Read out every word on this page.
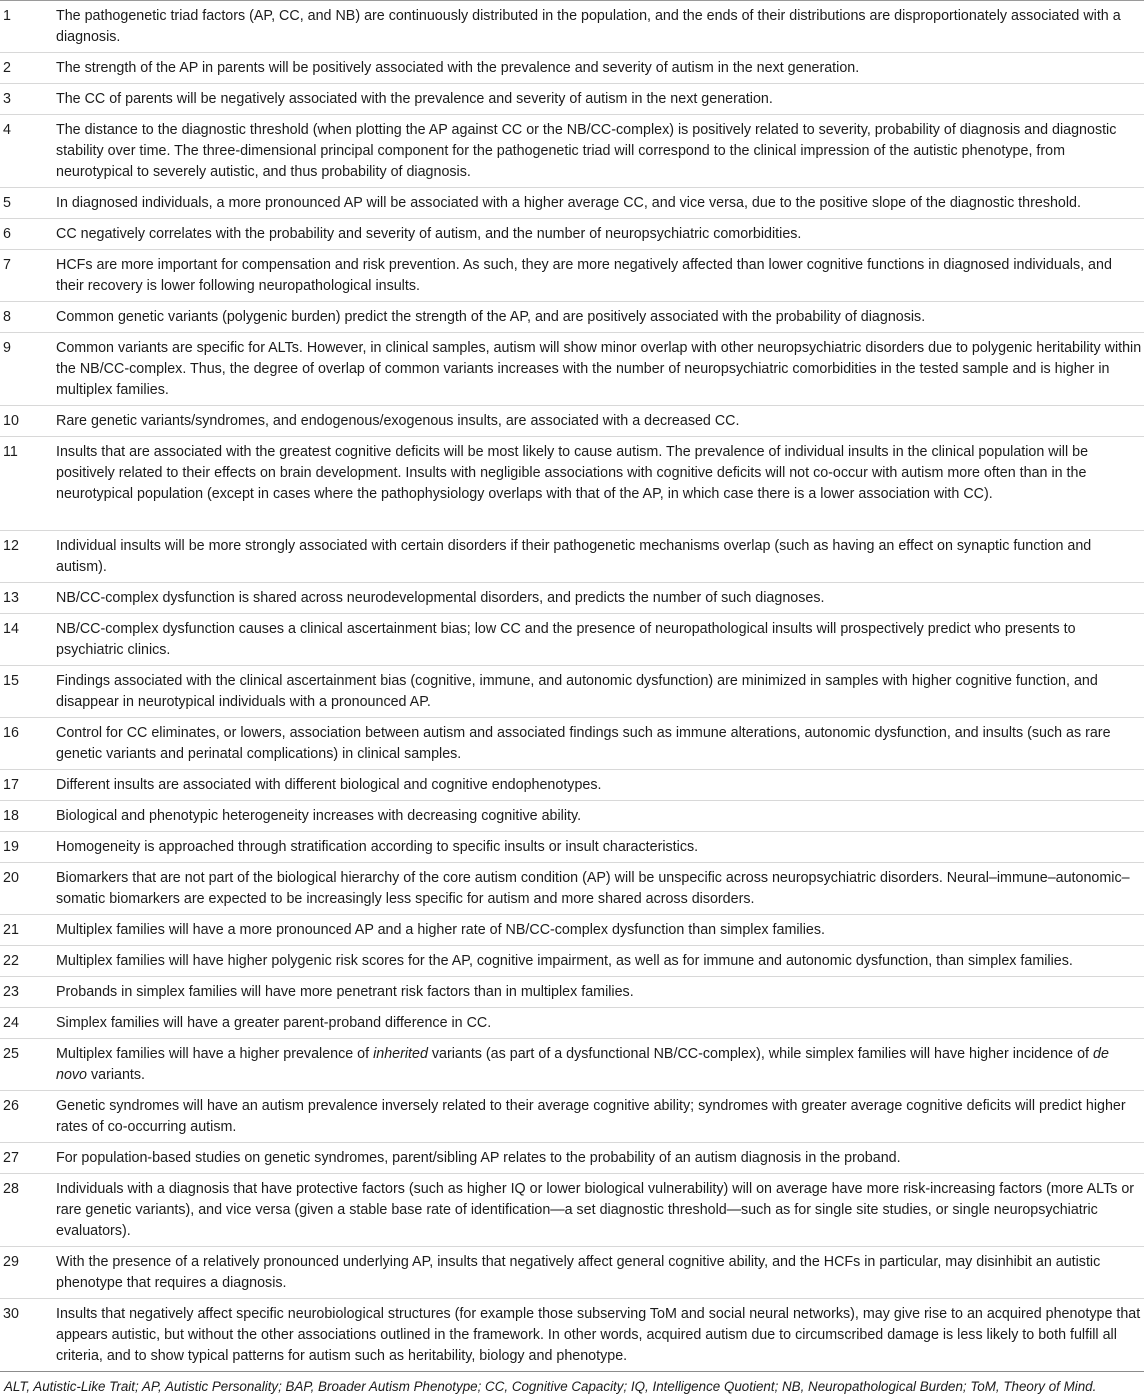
1	The pathogenetic triad factors (AP, CC, and NB) are continuously distributed in the population, and the ends of their distributions are disproportionately associated with a diagnosis.
2	The strength of the AP in parents will be positively associated with the prevalence and severity of autism in the next generation.
3	The CC of parents will be negatively associated with the prevalence and severity of autism in the next generation.
4	The distance to the diagnostic threshold (when plotting the AP against CC or the NB/CC-complex) is positively related to severity, probability of diagnosis and diagnostic stability over time. The three-dimensional principal component for the pathogenetic triad will correspond to the clinical impression of the autistic phenotype, from neurotypical to severely autistic, and thus probability of diagnosis.
5	In diagnosed individuals, a more pronounced AP will be associated with a higher average CC, and vice versa, due to the positive slope of the diagnostic threshold.
6	CC negatively correlates with the probability and severity of autism, and the number of neuropsychiatric comorbidities.
7	HCFs are more important for compensation and risk prevention. As such, they are more negatively affected than lower cognitive functions in diagnosed individuals, and their recovery is lower following neuropathological insults.
8	Common genetic variants (polygenic burden) predict the strength of the AP, and are positively associated with the probability of diagnosis.
9	Common variants are specific for ALTs. However, in clinical samples, autism will show minor overlap with other neuropsychiatric disorders due to polygenic heritability within the NB/CC-complex. Thus, the degree of overlap of common variants increases with the number of neuropsychiatric comorbidities in the tested sample and is higher in multiplex families.
10	Rare genetic variants/syndromes, and endogenous/exogenous insults, are associated with a decreased CC.
11	Insults that are associated with the greatest cognitive deficits will be most likely to cause autism. The prevalence of individual insults in the clinical population will be positively related to their effects on brain development. Insults with negligible associations with cognitive deficits will not co-occur with autism more often than in the neurotypical population (except in cases where the pathophysiology overlaps with that of the AP, in which case there is a lower association with CC).
12	Individual insults will be more strongly associated with certain disorders if their pathogenetic mechanisms overlap (such as having an effect on synaptic function and autism).
13	NB/CC-complex dysfunction is shared across neurodevelopmental disorders, and predicts the number of such diagnoses.
14	NB/CC-complex dysfunction causes a clinical ascertainment bias; low CC and the presence of neuropathological insults will prospectively predict who presents to psychiatric clinics.
15	Findings associated with the clinical ascertainment bias (cognitive, immune, and autonomic dysfunction) are minimized in samples with higher cognitive function, and disappear in neurotypical individuals with a pronounced AP.
16	Control for CC eliminates, or lowers, association between autism and associated findings such as immune alterations, autonomic dysfunction, and insults (such as rare genetic variants and perinatal complications) in clinical samples.
17	Different insults are associated with different biological and cognitive endophenotypes.
18	Biological and phenotypic heterogeneity increases with decreasing cognitive ability.
19	Homogeneity is approached through stratification according to specific insults or insult characteristics.
20	Biomarkers that are not part of the biological hierarchy of the core autism condition (AP) will be unspecific across neuropsychiatric disorders. Neural–immune–autonomic–somatic biomarkers are expected to be increasingly less specific for autism and more shared across disorders.
21	Multiplex families will have a more pronounced AP and a higher rate of NB/CC-complex dysfunction than simplex families.
22	Multiplex families will have higher polygenic risk scores for the AP, cognitive impairment, as well as for immune and autonomic dysfunction, than simplex families.
23	Probands in simplex families will have more penetrant risk factors than in multiplex families.
24	Simplex families will have a greater parent-proband difference in CC.
25	Multiplex families will have a higher prevalence of inherited variants (as part of a dysfunctional NB/CC-complex), while simplex families will have higher incidence of de novo variants.
26	Genetic syndromes will have an autism prevalence inversely related to their average cognitive ability; syndromes with greater average cognitive deficits will predict higher rates of co-occurring autism.
27	For population-based studies on genetic syndromes, parent/sibling AP relates to the probability of an autism diagnosis in the proband.
28	Individuals with a diagnosis that have protective factors (such as higher IQ or lower biological vulnerability) will on average have more risk-increasing factors (more ALTs or rare genetic variants), and vice versa (given a stable base rate of identification—a set diagnostic threshold—such as for single site studies, or single neuropsychiatric evaluators).
29	With the presence of a relatively pronounced underlying AP, insults that negatively affect general cognitive ability, and the HCFs in particular, may disinhibit an autistic phenotype that requires a diagnosis.
30	Insults that negatively affect specific neurobiological structures (for example those subserving ToM and social neural networks), may give rise to an acquired phenotype that appears autistic, but without the other associations outlined in the framework. In other words, acquired autism due to circumscribed damage is less likely to both fulfill all criteria, and to show typical patterns for autism such as heritability, biology and phenotype.
ALT, Autistic-Like Trait; AP, Autistic Personality; BAP, Broader Autism Phenotype; CC, Cognitive Capacity; IQ, Intelligence Quotient; NB, Neuropathological Burden; ToM, Theory of Mind.
